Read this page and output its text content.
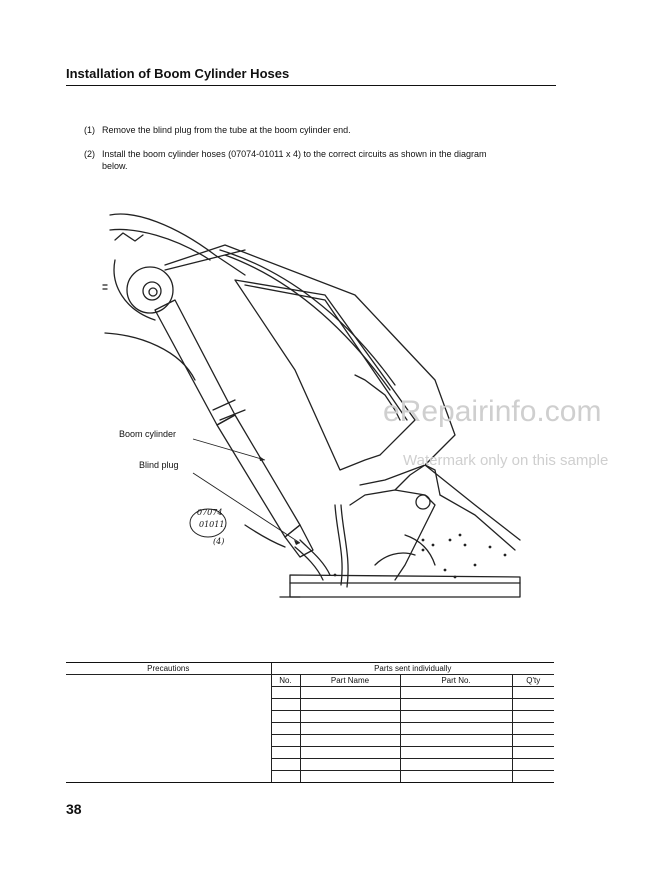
Installation of Boom Cylinder Hoses
(1) Remove the blind plug from the tube at the boom cylinder end.
(2) Install the boom cylinder hoses (07074-01011 x 4) to the correct circuits as shown in the diagram
below.
Boom cylinder
Blind plug
07074
01011
(4)
eRepairinfo.com
Watermark only on this sample
Precautions	Parts sent individually			
	No.	Part Name	Part No.	Q'ty

38
